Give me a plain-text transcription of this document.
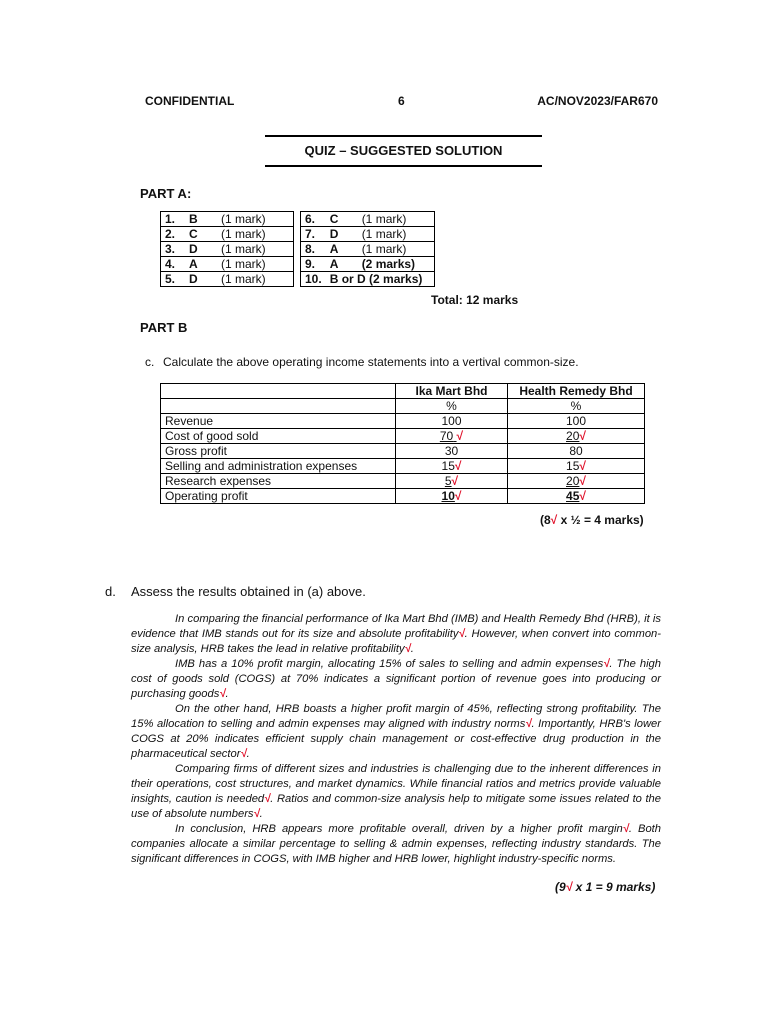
CONFIDENTIAL	6	AC/NOV2023/FAR670
QUIZ – SUGGESTED SOLUTION
PART A:
1.	B	(1 mark)		6.	C	(1 mark)
2.	C	(1 mark)		7.	D	(1 mark)
3.	D	(1 mark)		8.	A	(1 mark)
4.	A	(1 mark)		9.	A	(2 marks)
5.	D	(1 mark)		10.	B or D (2 marks)	
Total: 12 marks
PART B
c. Calculate the above operating income statements into a vertival common-size.
	Ika Mart Bhd	Health Remedy Bhd
	%	%
Revenue	100	100
Cost of good sold	70 √	20√
Gross profit	30	80
Selling and administration expenses	15√	15√
Research expenses	5√	20√
Operating profit	10√	45√
(8√ x ½ = 4 marks)
d. Assess the results obtained in (a) above.

In comparing the financial performance of Ika Mart Bhd (IMB) and Health Remedy Bhd (HRB), it is evidence that IMB stands out for its size and absolute profitability√. However, when convert into common-size analysis, HRB takes the lead in relative profitability√.

IMB has a 10% profit margin, allocating 15% of sales to selling and admin expenses√. The high cost of goods sold (COGS) at 70% indicates a significant portion of revenue goes into producing or purchasing goods√.

On the other hand, HRB boasts a higher profit margin of 45%, reflecting strong profitability. The 15% allocation to selling and admin expenses may aligned with industry norms√. Importantly, HRB's lower COGS at 20% indicates efficient supply chain management or cost-effective drug production in the pharmaceutical sector√.

Comparing firms of different sizes and industries is challenging due to the inherent differences in their operations, cost structures, and market dynamics. While financial ratios and metrics provide valuable insights, caution is needed√. Ratios and common-size analysis help to mitigate some issues related to the use of absolute numbers√.

In conclusion, HRB appears more profitable overall, driven by a higher profit margin√. Both companies allocate a similar percentage to selling & admin expenses, reflecting industry standards. The significant differences in COGS, with IMB higher and HRB lower, highlight industry-specific norms.

(9√ x 1 = 9 marks)
